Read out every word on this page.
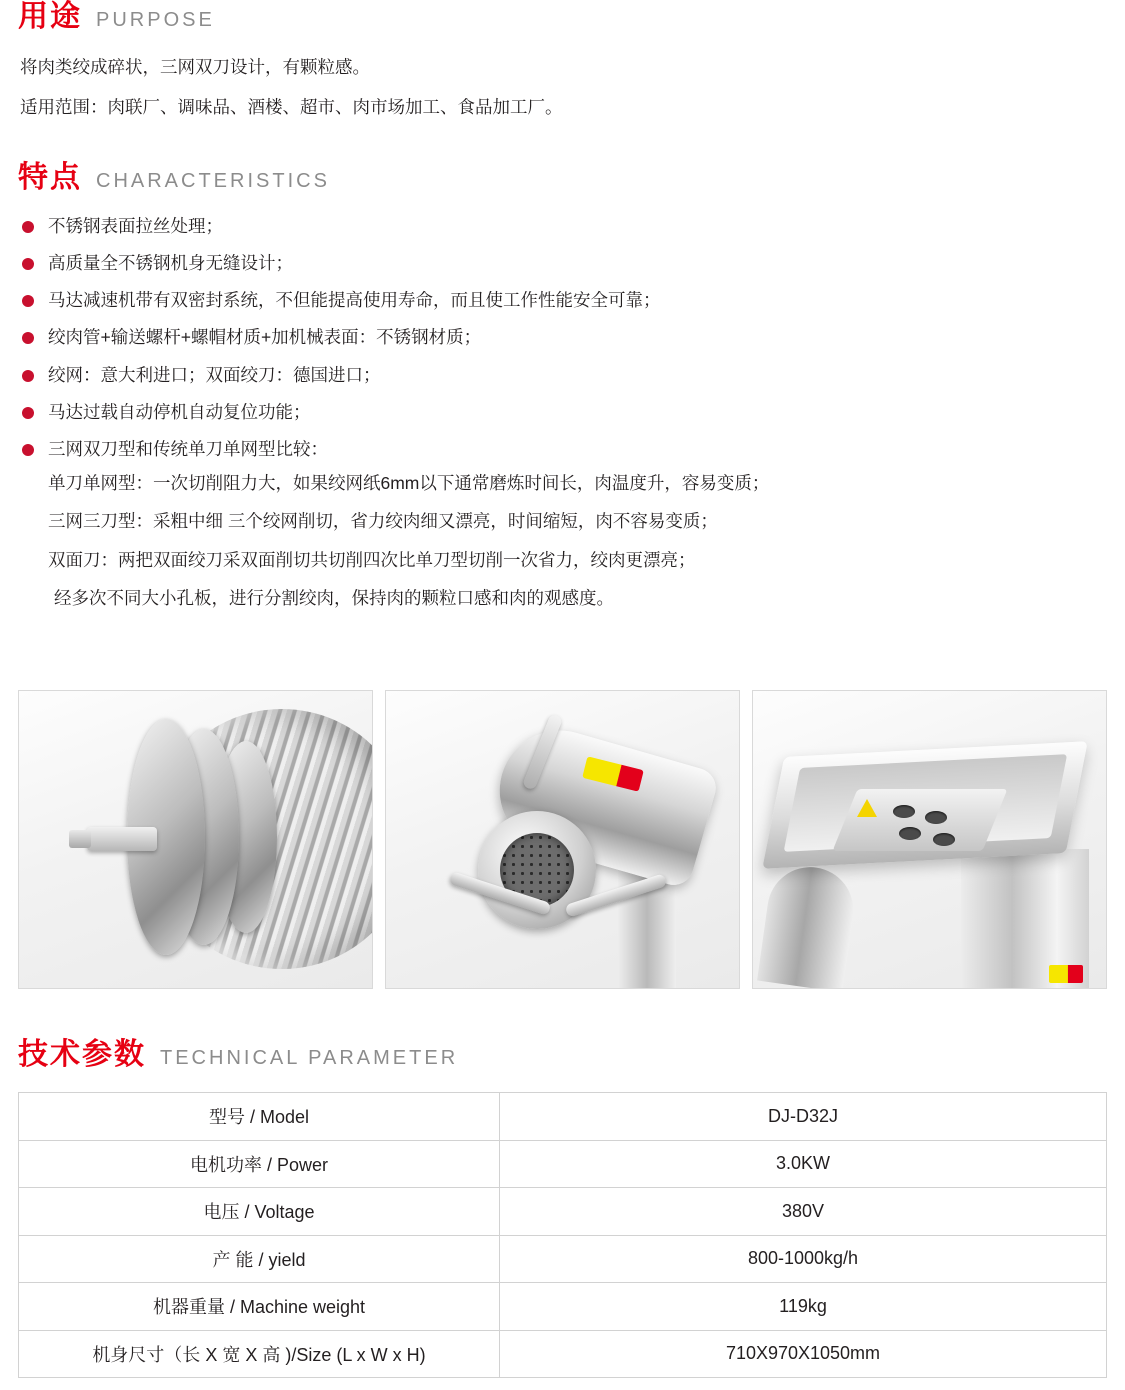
用途 PURPOSE

将肉类绞成碎状，三网双刀设计，有颗粒感。

适用范围：肉联厂、调味品、酒楼、超市、肉市场加工、食品加工厂。

特点 CHARACTERISTICS
不锈钢表面拉丝处理；
高质量全不锈钢机身无缝设计；
马达减速机带有双密封系统，不但能提高使用寿命，而且使工作性能安全可靠；
绞肉管+输送螺杆+螺帽材质+加机械表面：不锈钢材质；
绞网：意大利进口；双面绞刀：德国进口；
马达过载自动停机自动复位功能；
三网双刀型和传统单刀单网型比较：

单刀单网型：一次切削阻力大，如果绞网纸6mm以下通常磨炼时间长，肉温度升，容易变质；

三网三刀型：采粗中细 三个绞网削切，省力绞肉细又漂亮，时间缩短，肉不容易变质；

双面刀：两把双面绞刀采双面削切共切削四次比单刀型切削一次省力，绞肉更漂亮；

经多次不同大小孔板，进行分割绞肉，保持肉的颗粒口感和肉的观感度。

技术参数 TECHNICAL PARAMETER
型号 / Model	DJ-D32J
电机功率 / Power	3.0KW
电压 / Voltage	380V
产 能 / yield	800-1000kg/h
机器重量 / Machine weight	119kg
机身尺寸（长 X 宽 X 高 )/Size (L x W x H)	710X970X1050mm
